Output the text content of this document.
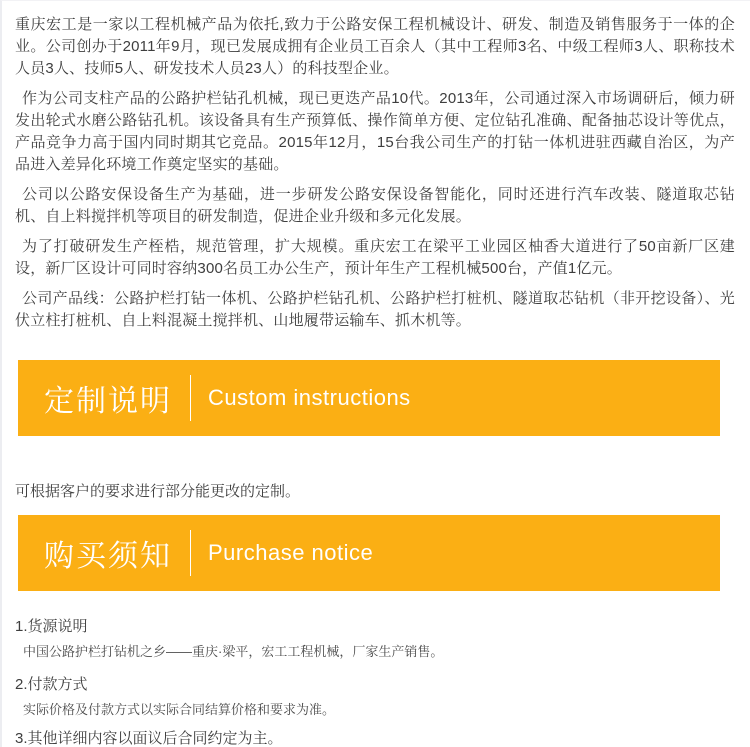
重庆宏工是一家以工程机械产品为依托,致力于公路安保工程机械设计、研发、制造及销售服务于一体的企业。公司创办于2011年9月，现已发展成拥有企业员工百余人（其中工程师3名、中级工程师3人、职称技术人员3人、技师5人、研发技术人员23人）的科技型企业。

作为公司支柱产品的公路护栏钻孔机械，现已更迭产品10代。2013年，公司通过深入市场调研后，倾力研发出轮式水磨公路钻孔机。该设备具有生产预算低、操作简单方便、定位钻孔准确、配备抽芯设计等优点，产品竞争力高于国内同时期其它竞品。2015年12月，15台我公司生产的打钻一体机进驻西藏自治区，为产品进入差异化环境工作奠定坚实的基础。

公司以公路安保设备生产为基础，进一步研发公路安保设备智能化，同时还进行汽车改装、隧道取芯钻机、自上料搅拌机等项目的研发制造，促进企业升级和多元化发展。

为了打破研发生产桎梏，规范管理，扩大规模。重庆宏工在梁平工业园区柚香大道进行了50亩新厂区建设，新厂区设计可同时容纳300名员工办公生产，预计年生产工程机械500台，产值1亿元。

公司产品线：公路护栏打钻一体机、公路护栏钻孔机、公路护栏打桩机、隧道取芯钻机（非开挖设备）、光伏立柱打桩机、自上料混凝土搅拌机、山地履带运输车、抓木机等。

定制说明 Custom instructions

可根据客户的要求进行部分能更改的定制。

购买须知 Purchase notice

1.货源说明

中国公路护栏打钻机之乡——重庆·梁平，宏工工程机械，厂家生产销售。

2.付款方式

实际价格及付款方式以实际合同结算价格和要求为准。

3.其他详细内容以面议后合同约定为主。
